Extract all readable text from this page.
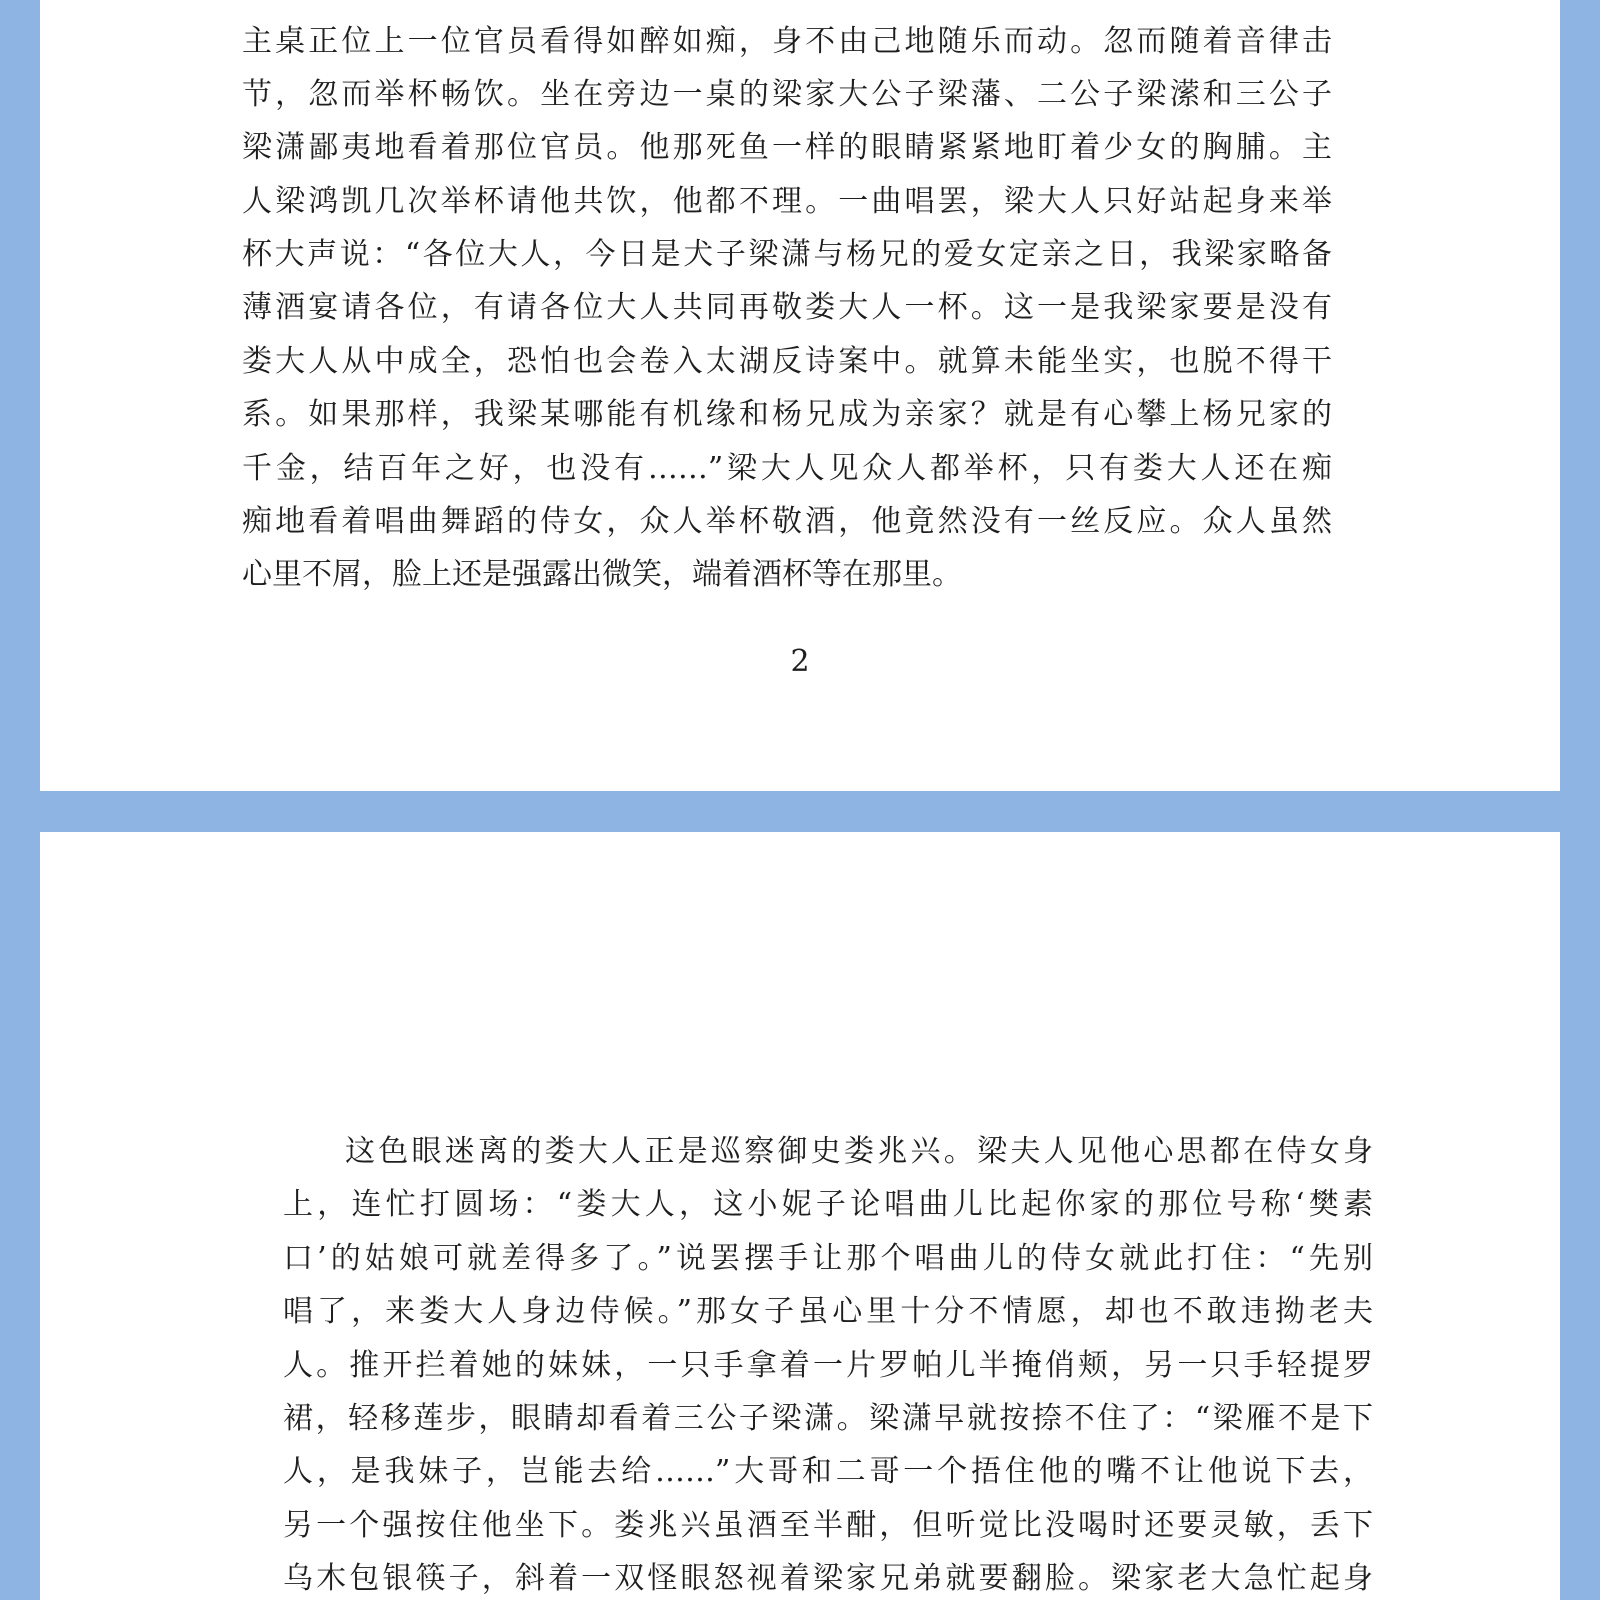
主桌正位上一位官员看得如醉如痴，身不由己地随乐而动。忽而随着音律击
节，忽而举杯畅饮。坐在旁边一桌的梁家大公子梁藩、二公子梁潆和三公子
梁潇鄙夷地看着那位官员。他那死鱼一样的眼睛紧紧地盯着少女的胸脯。主
人梁鸿凯几次举杯请他共饮，他都不理。一曲唱罢，梁大人只好站起身来举
杯大声说：“各位大人，今日是犬子梁潇与杨兄的爱女定亲之日，我梁家略备
薄酒宴请各位，有请各位大人共同再敬娄大人一杯。这一是我梁家要是没有
娄大人从中成全，恐怕也会卷入太湖反诗案中。就算未能坐实，也脱不得干
系。如果那样，我梁某哪能有机缘和杨兄成为亲家？就是有心攀上杨兄家的
千金，结百年之好，也没有……”梁大人见众人都举杯，只有娄大人还在痴
痴地看着唱曲舞蹈的侍女，众人举杯敬酒，他竟然没有一丝反应。众人虽然
心里不屑，脸上还是强露出微笑，端着酒杯等在那里。
2
这色眼迷离的娄大人正是巡察御史娄兆兴。梁夫人见他心思都在侍女身
上，连忙打圆场：“娄大人，这小妮子论唱曲儿比起你家的那位号称‘樊素
口’的姑娘可就差得多了。”说罢摆手让那个唱曲儿的侍女就此打住：“先别
唱了，来娄大人身边侍候。”那女子虽心里十分不情愿，却也不敢违拗老夫
人。推开拦着她的妹妹，一只手拿着一片罗帕儿半掩俏颊，另一只手轻提罗
裙，轻移莲步，眼睛却看着三公子梁潇。梁潇早就按捺不住了：“梁雁不是下
人，是我妹子，岂能去给……”大哥和二哥一个捂住他的嘴不让他说下去，
另一个强按住他坐下。娄兆兴虽酒至半酣，但听觉比没喝时还要灵敏，丢下
乌木包银筷子，斜着一双怪眼怒视着梁家兄弟就要翻脸。梁家老大急忙起身
